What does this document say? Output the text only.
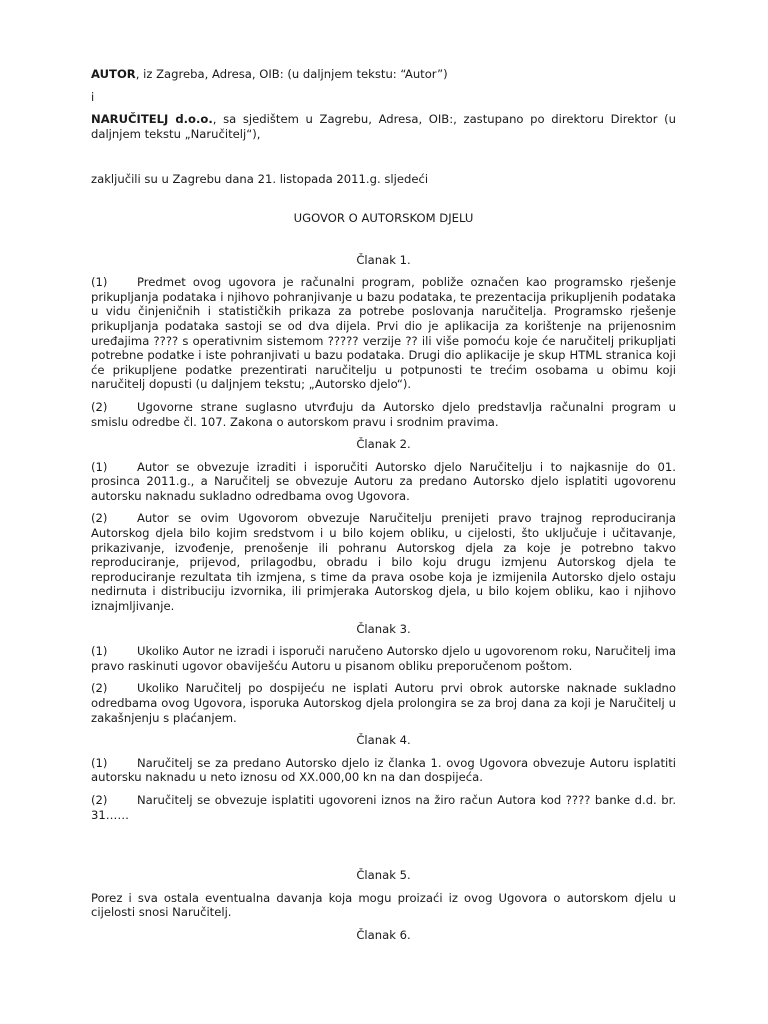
AUTOR, iz Zagreba, Adresa, OIB: (u daljnjem tekstu: “Autor”)

i

NARUČITELJ d.o.o., sa sjedištem u Zagrebu, Adresa, OIB:, zastupano po direktoru Direktor (u daljnjem tekstu „Naručitelj“),

zaključili su u Zagrebu dana 21. listopada 2011.g. sljedeći

UGOVOR O AUTORSKOM DJELU

Članak 1.

(1)	Predmet ovog ugovora je računalni program, pobliže označen kao programsko rješenje prikupljanja podataka i njihovo pohranjivanje u bazu podataka, te prezentacija prikupljenih podataka u vidu činjeničnih i statističkih prikaza za potrebe poslovanja naručitelja. Programsko rješenje prikupljanja podataka sastoji se od dva dijela. Prvi dio je aplikacija za korištenje na prijenosnim uređajima ???? s operativnim sistemom ????? verzije ?? ili više pomoću koje će naručitelj prikupljati potrebne podatke i iste pohranjivati u bazu podataka. Drugi dio aplikacije je skup HTML stranica koji će prikupljene podatke prezentirati naručitelju u potpunosti te trećim osobama u obimu koji naručitelj dopusti (u daljnjem tekstu; „Autorsko djelo“).

(2)	Ugovorne strane suglasno utvrđuju da Autorsko djelo predstavlja računalni program u smislu odredbe čl. 107. Zakona o autorskom pravu i srodnim pravima.

Članak 2.

(1)	Autor se obvezuje izraditi i isporučiti Autorsko djelo Naručitelju i to najkasnije do 01. prosinca 2011.g., a Naručitelj se obvezuje Autoru za predano Autorsko djelo isplatiti ugovorenu autorsku naknadu sukladno odredbama ovog Ugovora.

(2)	Autor se ovim Ugovorom obvezuje Naručitelju prenijeti pravo trajnog reproduciranja Autorskog djela bilo kojim sredstvom i u bilo kojem obliku, u cijelosti, što uključuje i učitavanje, prikazivanje, izvođenje, prenošenje ili pohranu Autorskog djela za koje je potrebno takvo reproduciranje, prijevod, prilagodbu, obradu i bilo koju drugu izmjenu Autorskog djela te reproduciranje rezultata tih izmjena, s time da prava osobe koja je izmijenila Autorsko djelo ostaju nedirnuta i distribuciju izvornika, ili primjeraka Autorskog djela, u bilo kojem obliku, kao i njihovo iznajmljivanje.

Članak 3.

(1)	Ukoliko Autor ne izradi i isporuči naručeno Autorsko djelo u ugovorenom roku, Naručitelj ima pravo raskinuti ugovor obaviješću Autoru u pisanom obliku preporučenom poštom.

(2)	Ukoliko Naručitelj po dospijeću ne isplati Autoru prvi obrok autorske naknade sukladno odredbama ovog Ugovora, isporuka Autorskog djela prolongira se za broj dana za koji je Naručitelj u zakašnjenju s plaćanjem.

Članak 4.

(1)	Naručitelj se za predano Autorsko djelo iz članka 1. ovog Ugovora obvezuje Autoru isplatiti autorsku naknadu u neto iznosu od XX.000,00 kn na dan dospijeća.

(2)	Naručitelj se obvezuje isplatiti ugovoreni iznos na žiro račun Autora kod ???? banke d.d. br. 31……

Članak 5.

Porez i sva ostala eventualna davanja koja mogu proizaći iz ovog Ugovora o autorskom djelu u cijelosti snosi Naručitelj.

Članak 6.
